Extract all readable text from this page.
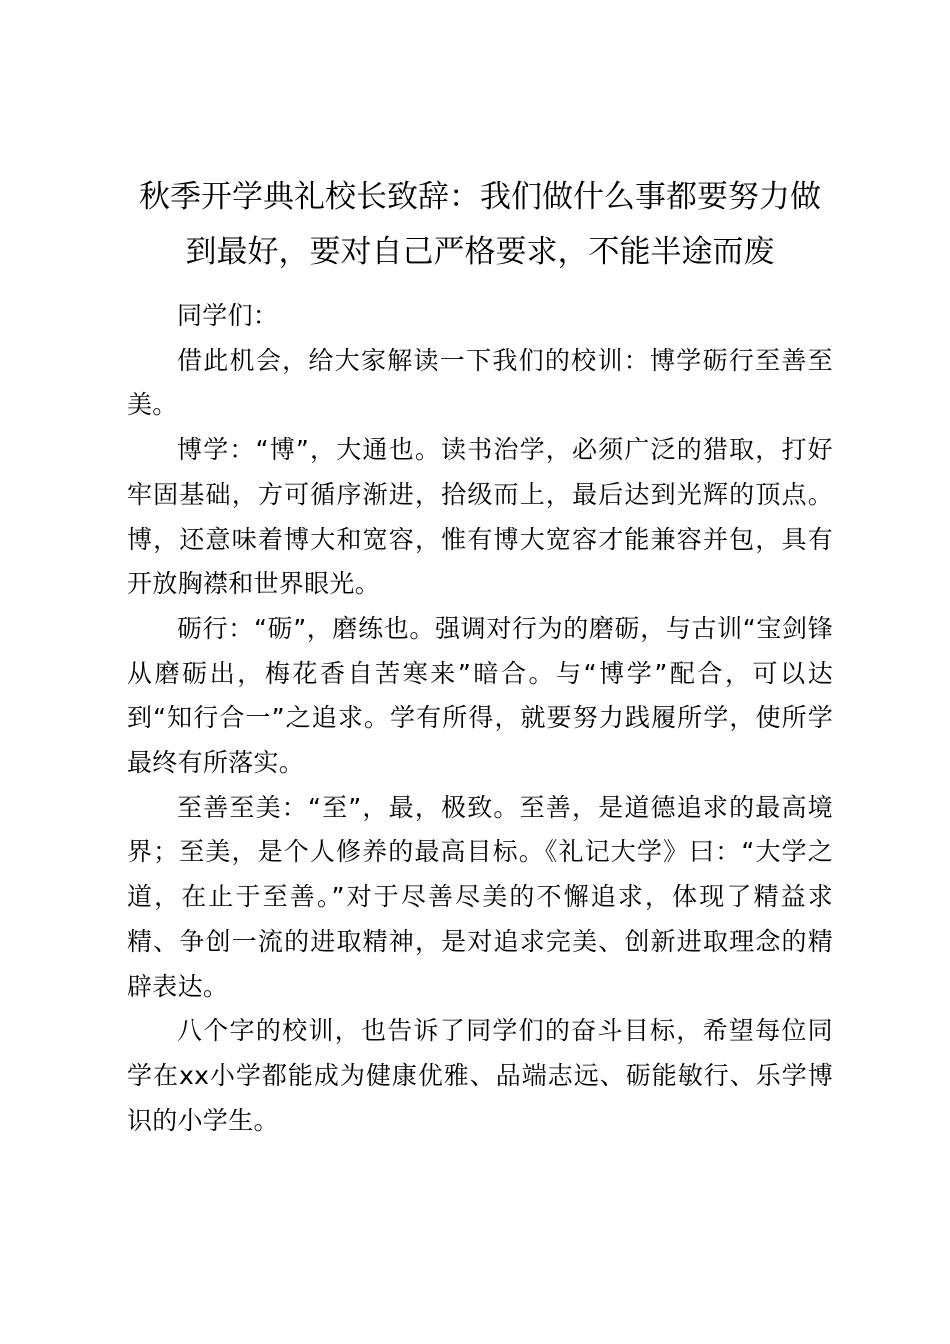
秋季开学典礼校长致辞：我们做什么事都要努力做到最好，要对自己严格要求，不能半途而废

同学们：

借此机会，给大家解读一下我们的校训：博学砺行至善至美。

博学：“博”，大通也。读书治学，必须广泛的猎取，打好牢固基础，方可循序渐进，拾级而上，最后达到光辉的顶点。博，还意味着博大和宽容，惟有博大宽容才能兼容并包，具有开放胸襟和世界眼光。

砺行：“砺”，磨练也。强调对行为的磨砺，与古训“宝剑锋从磨砺出，梅花香自苦寒来”暗合。与“博学”配合，可以达到“知行合一”之追求。学有所得，就要努力践履所学，使所学最终有所落实。

至善至美：“至”，最，极致。至善，是道德追求的最高境界；至美，是个人修养的最高目标。《礼记大学》曰：“大学之道，在止于至善。”对于尽善尽美的不懈追求，体现了精益求精、争创一流的进取精神，是对追求完美、创新进取理念的精辟表达。

八个字的校训，也告诉了同学们的奋斗目标，希望每位同学在xx小学都能成为健康优雅、品端志远、砺能敏行、乐学博识的小学生。
